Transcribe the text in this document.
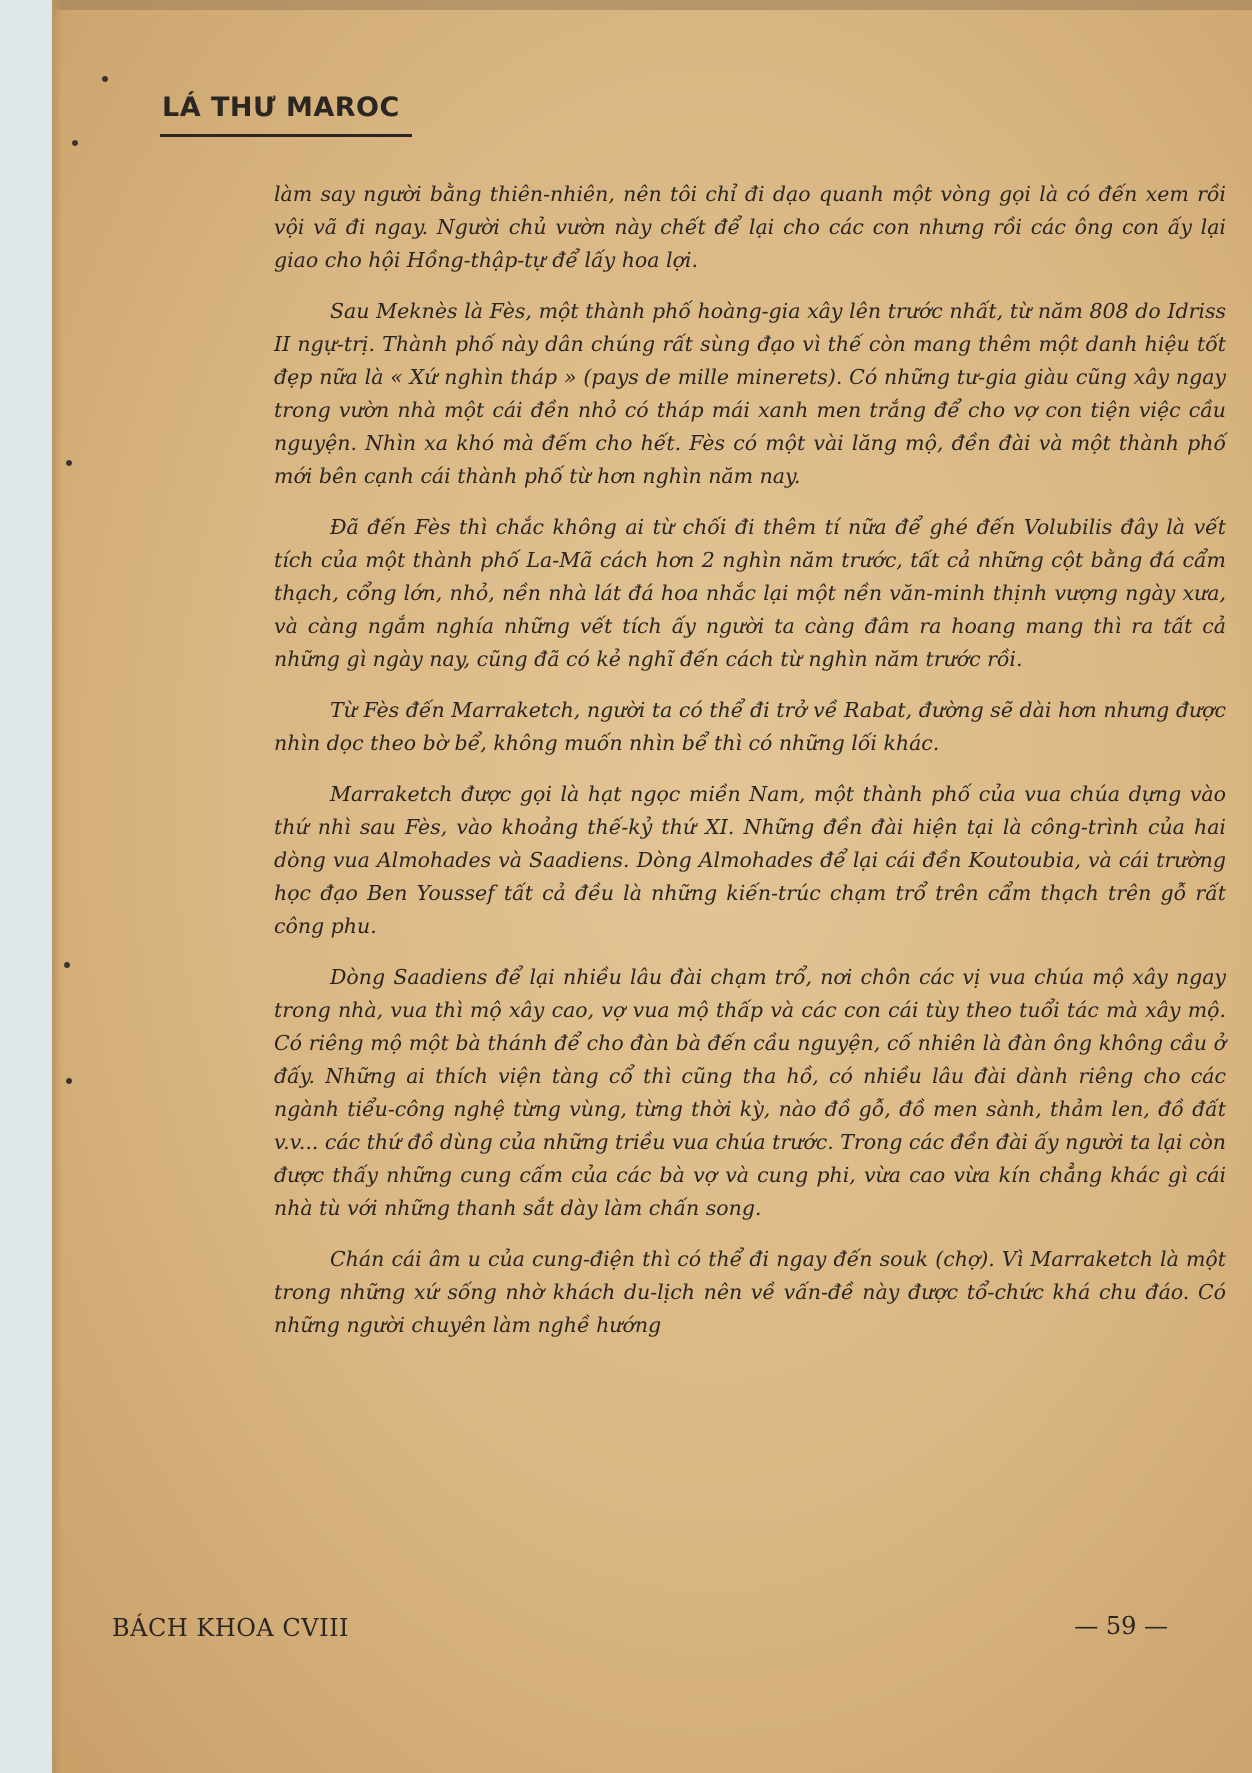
LÁ THƯ MAROC

làm say người bằng thiên-nhiên, nên tôi chỉ đi dạo quanh một vòng gọi là có đến xem rồi vội vã đi ngay. Người chủ vườn này chết để lại cho các con nhưng rồi các ông con ấy lại giao cho hội Hồng-thập-tự để lấy hoa lợi.

Sau Meknès là Fès, một thành phố hoàng-gia xây lên trước nhất, từ năm 808 do Idriss II ngự-trị. Thành phố này dân chúng rất sùng đạo vì thế còn mang thêm một danh hiệu tốt đẹp nữa là « Xứ nghìn tháp » (pays de mille minerets). Có những tư-gia giàu cũng xây ngay trong vườn nhà một cái đền nhỏ có tháp mái xanh men trắng để cho vợ con tiện việc cầu nguyện. Nhìn xa khó mà đếm cho hết. Fès có một vài lăng mộ, đền đài và một thành phố mới bên cạnh cái thành phố từ hơn nghìn năm nay.

Đã đến Fès thì chắc không ai từ chối đi thêm tí nữa để ghé đến Volubilis đây là vết tích của một thành phố La-Mã cách hơn 2 nghìn năm trước, tất cả những cột bằng đá cẩm thạch, cổng lớn, nhỏ, nền nhà lát đá hoa nhắc lại một nền văn-minh thịnh vượng ngày xưa, và càng ngắm nghía những vết tích ấy người ta càng đâm ra hoang mang thì ra tất cả những gì ngày nay, cũng đã có kẻ nghĩ đến cách từ nghìn năm trước rồi.

Từ Fès đến Marraketch, người ta có thể đi trở về Rabat, đường sẽ dài hơn nhưng được nhìn dọc theo bờ bể, không muốn nhìn bể thì có những lối khác.

Marraketch được gọi là hạt ngọc miền Nam, một thành phố của vua chúa dựng vào thứ nhì sau Fès, vào khoảng thế-kỷ thứ XI. Những đền đài hiện tại là công-trình của hai dòng vua Almohades và Saadiens. Dòng Almohades để lại cái đền Koutoubia, và cái trường học đạo Ben Youssef tất cả đều là những kiến-trúc chạm trổ trên cẩm thạch trên gỗ rất công phu.

Dòng Saadiens để lại nhiều lâu đài chạm trổ, nơi chôn các vị vua chúa mộ xây ngay trong nhà, vua thì mộ xây cao, vợ vua mộ thấp và các con cái tùy theo tuổi tác mà xây mộ. Có riêng mộ một bà thánh để cho đàn bà đến cầu nguyện, cố nhiên là đàn ông không cầu ở đấy. Những ai thích viện tàng cổ thì cũng tha hồ, có nhiều lâu đài dành riêng cho các ngành tiểu-công nghệ từng vùng, từng thời kỳ, nào đồ gỗ, đồ men sành, thảm len, đồ đất v.v... các thứ đồ dùng của những triều vua chúa trước. Trong các đền đài ấy người ta lại còn được thấy những cung cấm của các bà vợ và cung phi, vừa cao vừa kín chẳng khác gì cái nhà tù với những thanh sắt dày làm chấn song.

Chán cái âm u của cung-điện thì có thể đi ngay đến souk (chợ). Vì Marraketch là một trong những xứ sống nhờ khách du-lịch nên về vấn-đề này được tổ-chức khá chu đáo. Có những người chuyên làm nghề hướng

BÁCH KHOA CVIII	— 59 —
